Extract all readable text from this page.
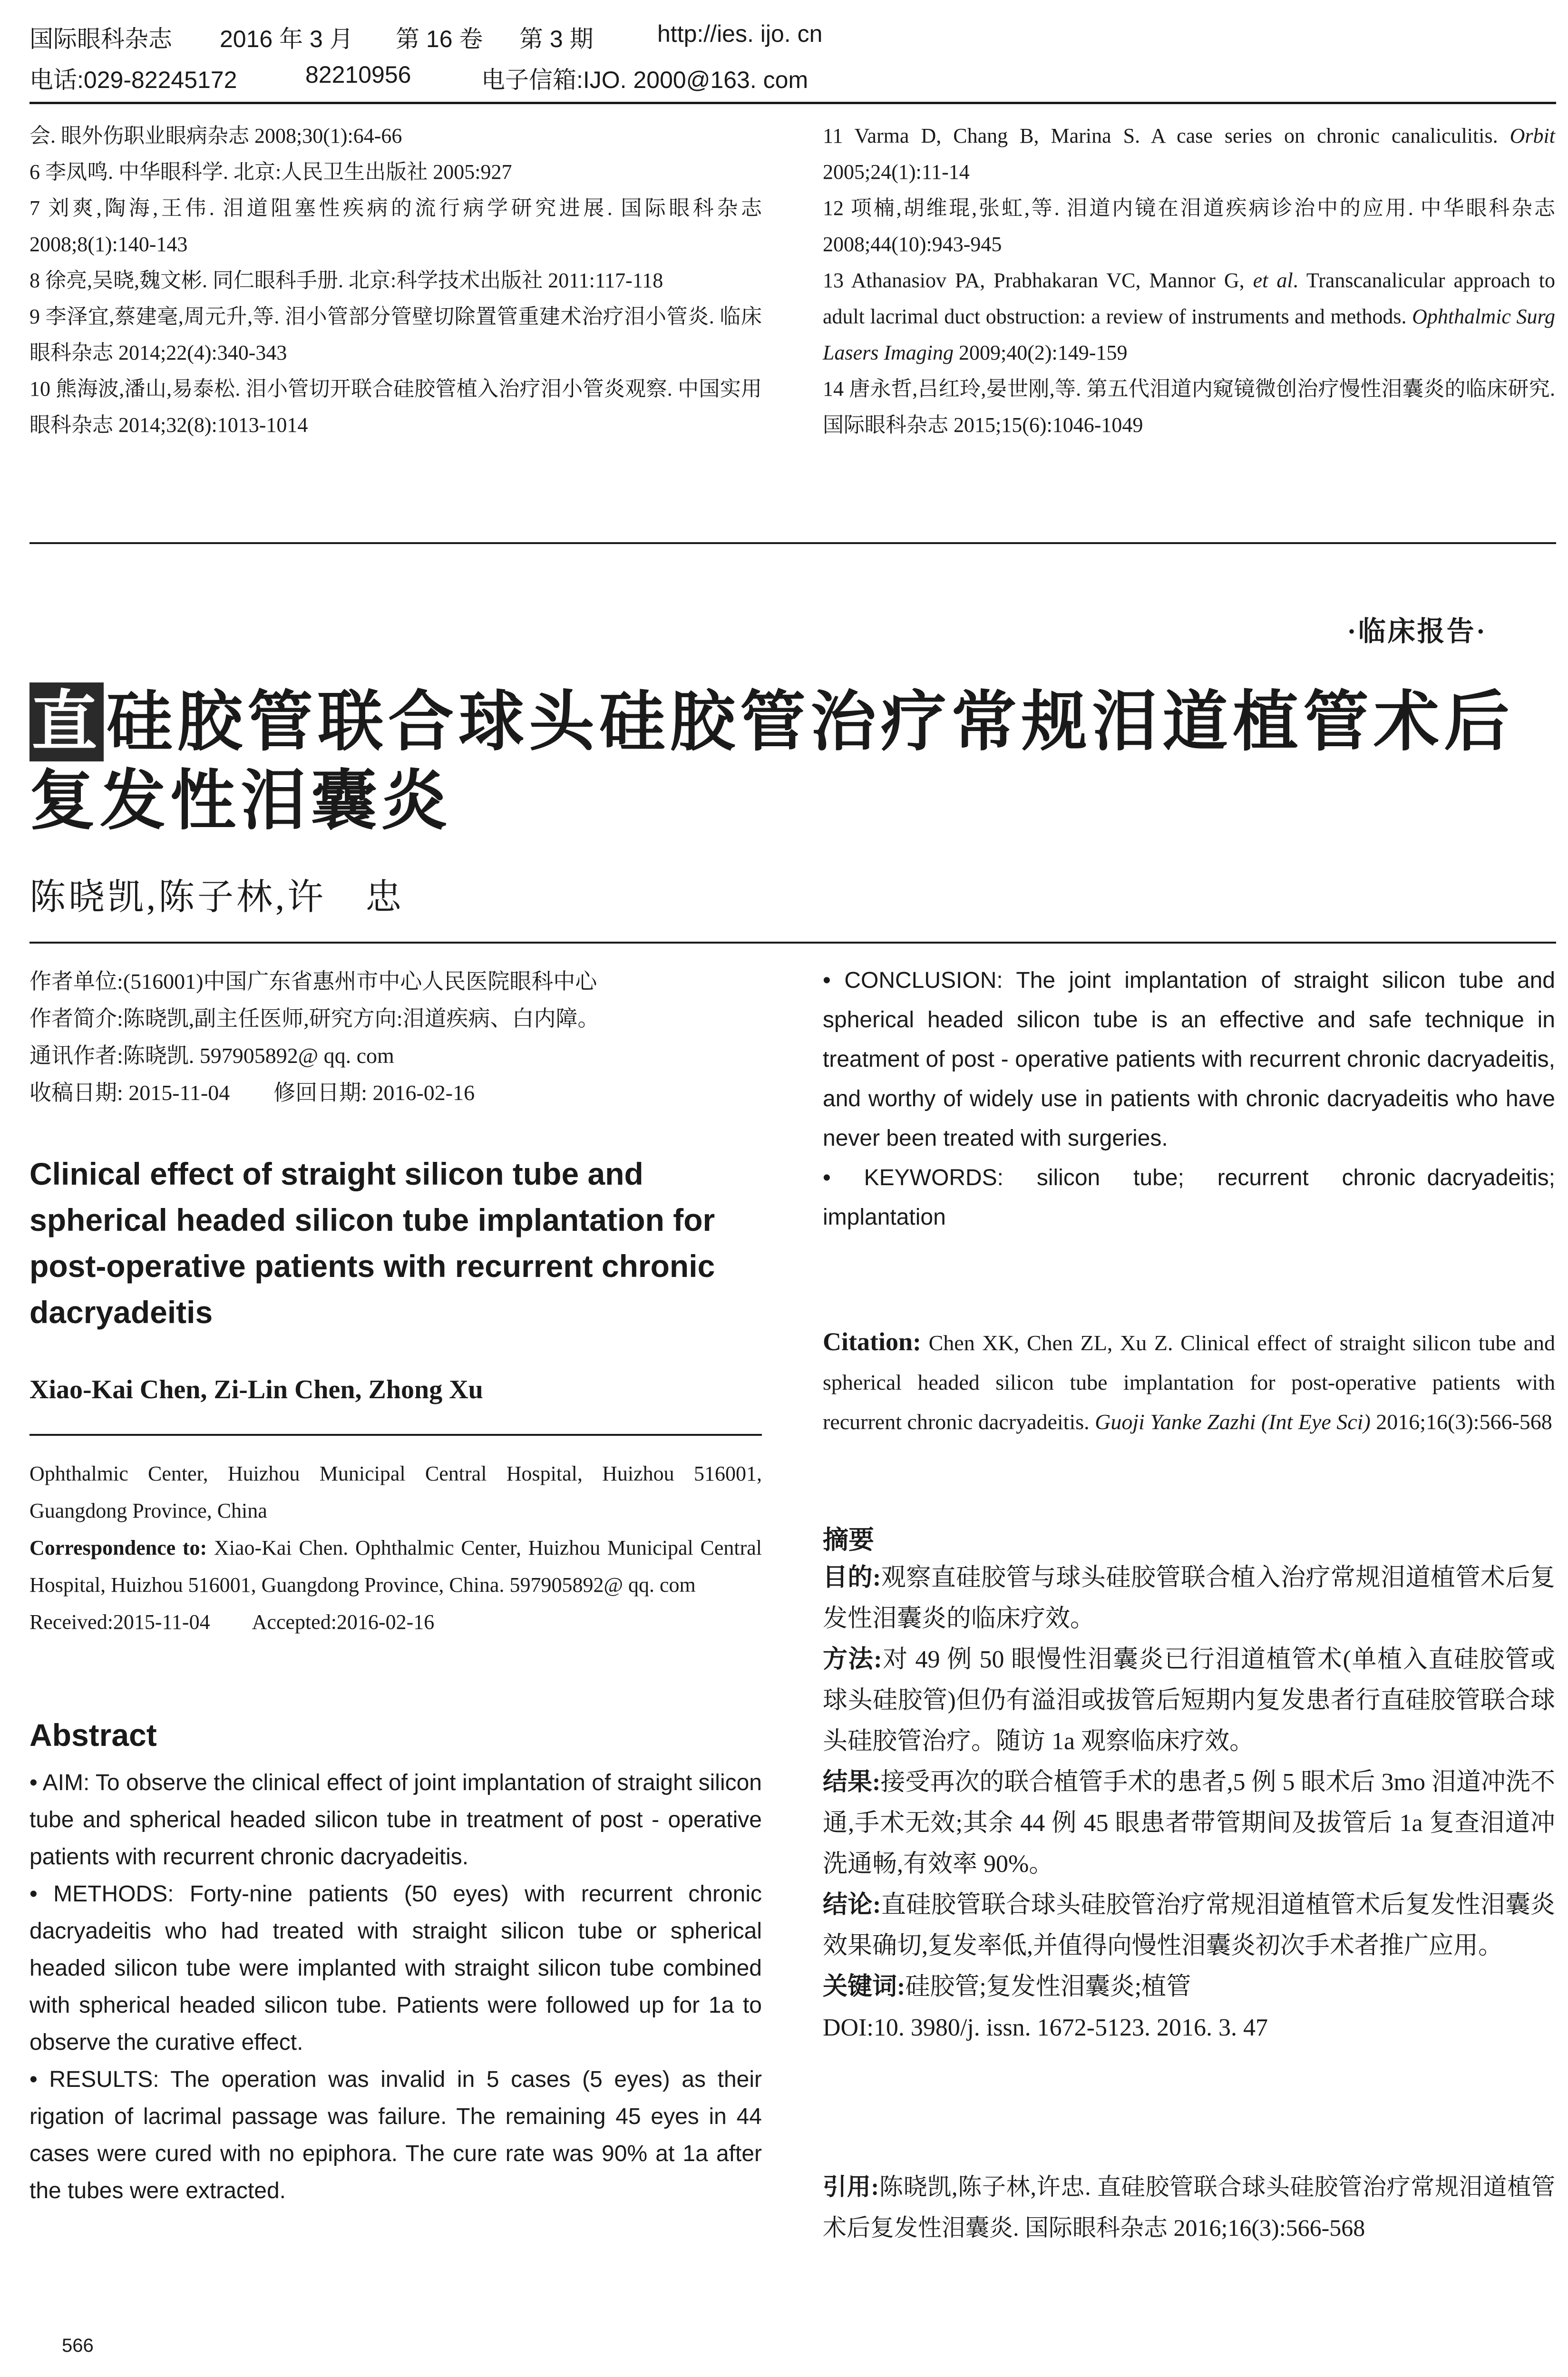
国际眼科杂志 2016 年 3 月 第 16 卷 第 3 期	http://ies. ijo. cn
电话:029-82245172	82210956	电子信箱:IJO. 2000@163. com

会. 眼外伤职业眼病杂志 2008;30(1):64-66

6 李凤鸣. 中华眼科学. 北京:人民卫生出版社 2005:927

7 刘爽,陶海,王伟. 泪道阻塞性疾病的流行病学研究进展. 国际眼科杂志 2008;8(1):140-143

8 徐亮,吴晓,魏文彬. 同仁眼科手册. 北京:科学技术出版社 2011:117-118

9 李泽宜,蔡建毫,周元升,等. 泪小管部分管壁切除置管重建术治疗泪小管炎. 临床眼科杂志 2014;22(4):340-343

10 熊海波,潘山,易泰松. 泪小管切开联合硅胶管植入治疗泪小管炎观察. 中国实用眼科杂志 2014;32(8):1013-1014

11 Varma D, Chang B, Marina S. A case series on chronic canaliculitis. Orbit 2005;24(1):11-14

12 项楠,胡维琨,张虹,等. 泪道内镜在泪道疾病诊治中的应用. 中华眼科杂志 2008;44(10):943-945

13 Athanasiov PA, Prabhakaran VC, Mannor G, et al. Transcanalicular approach to adult lacrimal duct obstruction: a review of instruments and methods. Ophthalmic Surg Lasers Imaging 2009;40(2):149-159

14 唐永哲,吕红玲,晏世刚,等. 第五代泪道内窥镜微创治疗慢性泪囊炎的临床研究. 国际眼科杂志 2015;15(6):1046-1049

·临床报告·
直硅胶管联合球头硅胶管治疗常规泪道植管术后复发性泪囊炎
陈晓凯,陈子林,许　忠

作者单位:(516001)中国广东省惠州市中心人民医院眼科中心

作者简介:陈晓凯,副主任医师,研究方向:泪道疾病、白内障。

通讯作者:陈晓凯. 597905892@ qq. com

收稿日期: 2015-11-04　　修回日期: 2016-02-16

Clinical effect of straight silicon tube and spherical headed silicon tube implantation for post-operative patients with recurrent chronic dacryadeitis
Xiao-Kai Chen, Zi-Lin Chen, Zhong Xu

Ophthalmic Center, Huizhou Municipal Central Hospital, Huizhou 516001, Guangdong Province, China

Correspondence to: Xiao-Kai Chen. Ophthalmic Center, Huizhou Municipal Central Hospital, Huizhou 516001, Guangdong Province, China. 597905892@ qq. com

Received:2015-11-04　　Accepted:2016-02-16

Abstract

• AIM: To observe the clinical effect of joint implantation of straight silicon tube and spherical headed silicon tube in treatment of post - operative patients with recurrent chronic dacryadeitis.

• METHODS: Forty-nine patients (50 eyes) with recurrent chronic dacryadeitis who had treated with straight silicon tube or spherical headed silicon tube were implanted with straight silicon tube combined with spherical headed silicon tube. Patients were followed up for 1a to observe the curative effect.

• RESULTS: The operation was invalid in 5 cases (5 eyes) as their rigation of lacrimal passage was failure. The remaining 45 eyes in 44 cases were cured with no epiphora. The cure rate was 90% at 1a after the tubes were extracted.

566

• CONCLUSION: The joint implantation of straight silicon tube and spherical headed silicon tube is an effective and safe technique in treatment of post - operative patients with recurrent chronic dacryadeitis, and worthy of widely use in patients with chronic dacryadeitis who have never been treated with surgeries.

•　KEYWORDS:　silicon　tube;　recurrent　chronic dacryadeitis; implantation

Citation: Chen XK, Chen ZL, Xu Z. Clinical effect of straight silicon tube and spherical headed silicon tube implantation for post-operative patients with recurrent chronic dacryadeitis. Guoji Yanke Zazhi (Int Eye Sci) 2016;16(3):566-568
摘要

目的:观察直硅胶管与球头硅胶管联合植入治疗常规泪道植管术后复发性泪囊炎的临床疗效。

方法:对 49 例 50 眼慢性泪囊炎已行泪道植管术(单植入直硅胶管或球头硅胶管)但仍有溢泪或拔管后短期内复发患者行直硅胶管联合球头硅胶管治疗。随访 1a 观察临床疗效。

结果:接受再次的联合植管手术的患者,5 例 5 眼术后 3mo 泪道冲洗不通,手术无效;其余 44 例 45 眼患者带管期间及拔管后 1a 复查泪道冲洗通畅,有效率 90%。

结论:直硅胶管联合球头硅胶管治疗常规泪道植管术后复发性泪囊炎效果确切,复发率低,并值得向慢性泪囊炎初次手术者推广应用。

关键词:硅胶管;复发性泪囊炎;植管

DOI:10. 3980/j. issn. 1672-5123. 2016. 3. 47

引用:陈晓凯,陈子林,许忠. 直硅胶管联合球头硅胶管治疗常规泪道植管术后复发性泪囊炎. 国际眼科杂志 2016;16(3):566-568
